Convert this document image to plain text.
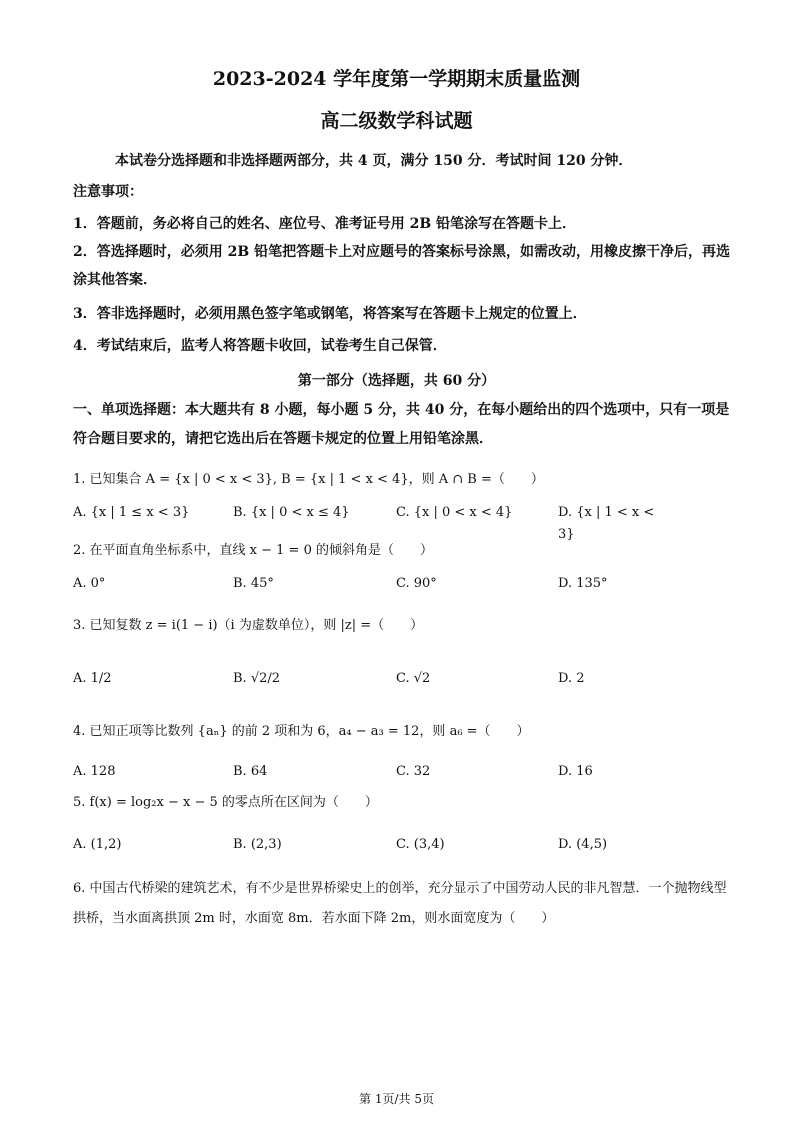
2023-2024 学年度第一学期期末质量监测
高二级数学科试题
本试卷分选择题和非选择题两部分，共 4 页，满分 150 分．考试时间 120 分钟．
注意事项：
1．答题前，务必将自己的姓名、座位号、准考证号用 2B 铅笔涂写在答题卡上．
2．答选择题时，必须用 2B 铅笔把答题卡上对应题号的答案标号涂黑，如需改动，用橡皮擦干净后，再选涂其他答案．
3．答非选择题时，必须用黑色签字笔或钢笔，将答案写在答题卡上规定的位置上．
4．考试结束后，监考人将答题卡收回，试卷考生自己保管．
第一部分（选择题，共 60 分）
一、单项选择题：本大题共有 8 小题，每小题 5 分，共 40 分，在每小题给出的四个选项中，只有一项是符合题目要求的，请把它选出后在答题卡规定的位置上用铅笔涂黑．
1. 已知集合 A = {x | 0 < x < 3}, B = {x | 1 < x < 4}，则 A ∩ B =（　　）
A. {x | 1 ≤ x < 3}	B. {x | 0 < x ≤ 4}	C. {x | 0 < x < 4}	D. {x | 1 < x < 3}
2. 在平面直角坐标系中，直线 x − 1 = 0 的倾斜角是（　　）
A. 0°	B. 45°	C. 90°	D. 135°
3. 已知复数 z = i(1 − i)（i 为虚数单位），则 |z| =（　　）
A. 1/2	B. √2/2	C. √2	D. 2
4. 已知正项等比数列 {aₙ} 的前 2 项和为 6，a₄ − a₃ = 12，则 a₆ =（　　）
A. 128	B. 64	C. 32	D. 16
5. f(x) = log₂x − x − 5 的零点所在区间为（　　）
A. (1,2)	B. (2,3)	C. (3,4)	D. (4,5)
6. 中国古代桥梁的建筑艺术，有不少是世界桥梁史上的创举，充分显示了中国劳动人民的非凡智慧．一个抛物线型拱桥，当水面离拱顶 2m 时，水面宽 8m．若水面下降 2m，则水面宽度为（　　）
第 1页/共 5页
